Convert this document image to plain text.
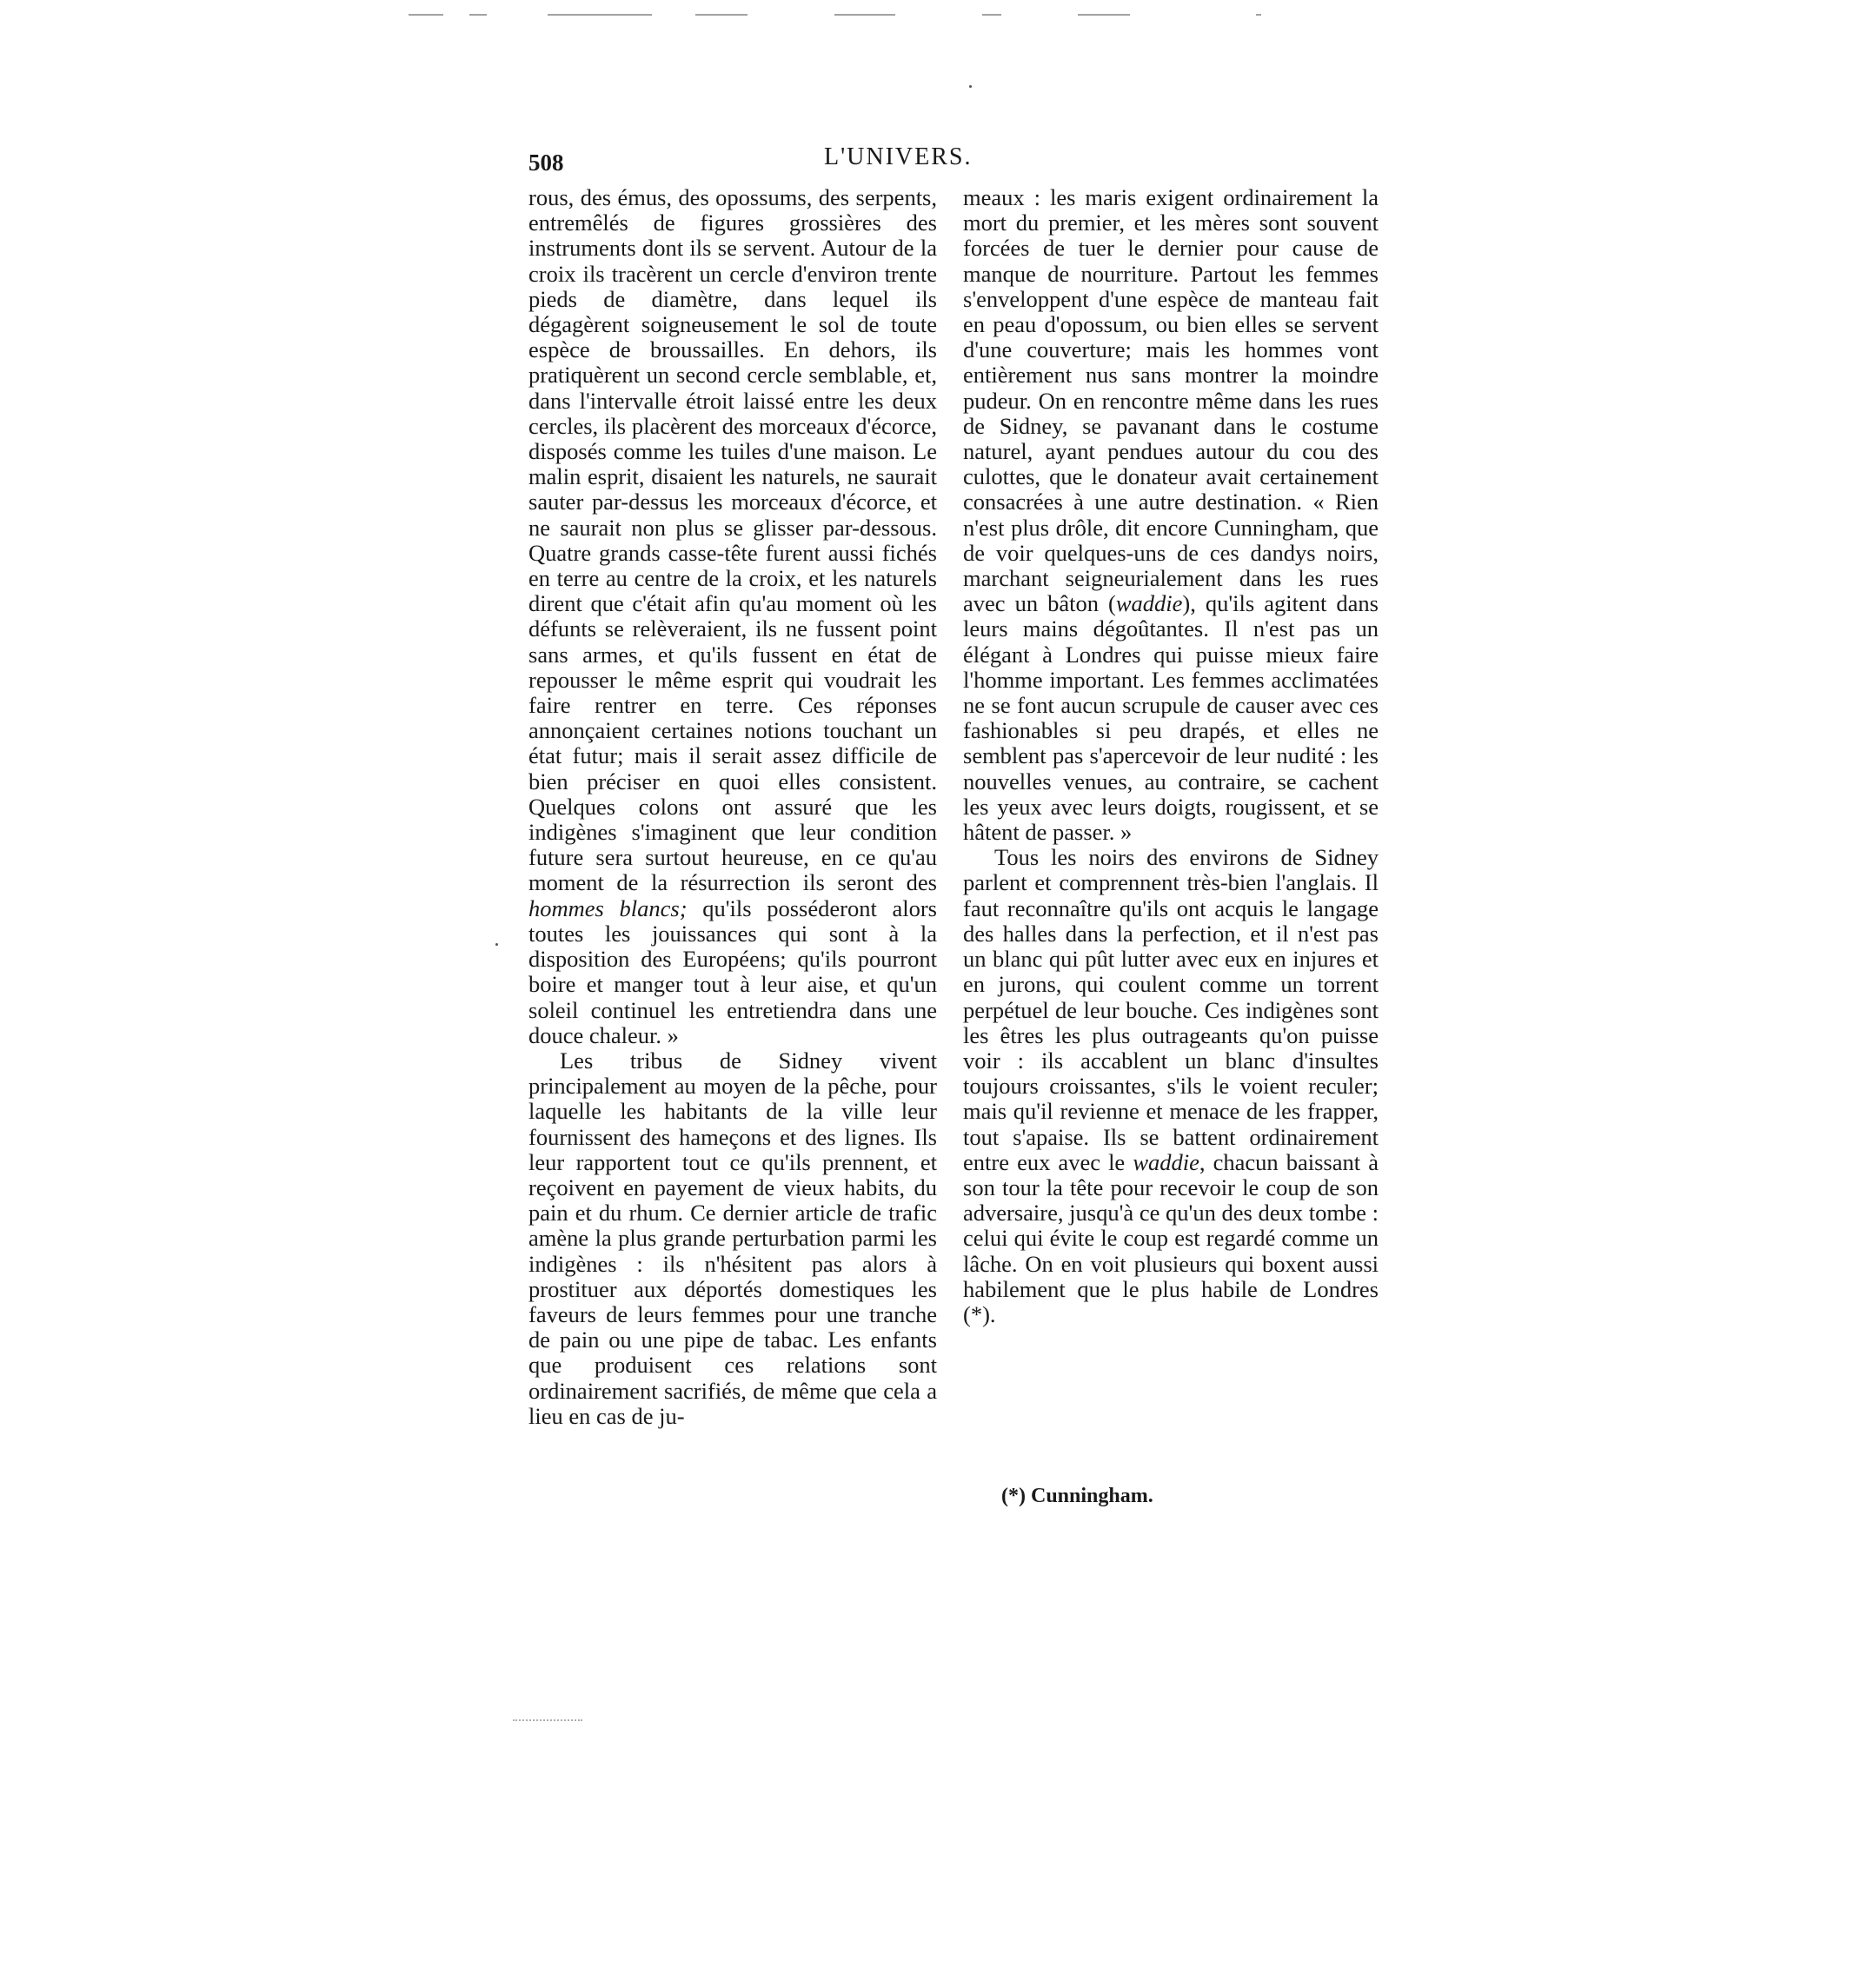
508	L'UNIVERS.

rous, des émus, des opossums, des serpents, entremêlés de figures grossières des instruments dont ils se servent. Autour de la croix ils tracèrent un cercle d'environ trente pieds de diamètre, dans lequel ils dégagèrent soigneusement le sol de toute espèce de broussailles. En dehors, ils pratiquèrent un second cercle semblable, et, dans l'intervalle étroit laissé entre les deux cercles, ils placèrent des morceaux d'écorce, disposés comme les tuiles d'une maison. Le malin esprit, disaient les naturels, ne saurait sauter par-dessus les morceaux d'écorce, et ne saurait non plus se glisser par-dessous. Quatre grands casse-tête furent aussi fichés en terre au centre de la croix, et les naturels dirent que c'était afin qu'au moment où les défunts se relèveraient, ils ne fussent point sans armes, et qu'ils fussent en état de repousser le même esprit qui voudrait les faire rentrer en terre. Ces réponses annonçaient certaines notions touchant un état futur; mais il serait assez difficile de bien préciser en quoi elles consistent. Quelques colons ont assuré que les indigènes s'imaginent que leur condition future sera surtout heureuse, en ce qu'au moment de la résurrection ils seront des hommes blancs; qu'ils posséderont alors toutes les jouissances qui sont à la disposition des Européens; qu'ils pourront boire et manger tout à leur aise, et qu'un soleil continuel les entretiendra dans une douce chaleur. »

Les tribus de Sidney vivent principalement au moyen de la pêche, pour laquelle les habitants de la ville leur fournissent des hameçons et des lignes. Ils leur rapportent tout ce qu'ils prennent, et reçoivent en payement de vieux habits, du pain et du rhum. Ce dernier article de trafic amène la plus grande perturbation parmi les indigènes : ils n'hésitent pas alors à prostituer aux déportés domestiques les faveurs de leurs femmes pour une tranche de pain ou une pipe de tabac. Les enfants que produisent ces relations sont ordinairement sacrifiés, de même que cela a lieu en cas de ju-

meaux : les maris exigent ordinairement la mort du premier, et les mères sont souvent forcées de tuer le dernier pour cause de manque de nourriture. Partout les femmes s'enveloppent d'une espèce de manteau fait en peau d'opossum, ou bien elles se servent d'une couverture; mais les hommes vont entièrement nus sans montrer la moindre pudeur. On en rencontre même dans les rues de Sidney, se pavanant dans le costume naturel, ayant pendues autour du cou des culottes, que le donateur avait certainement consacrées à une autre destination. « Rien n'est plus drôle, dit encore Cunningham, que de voir quelques-uns de ces dandys noirs, marchant seigneurialement dans les rues avec un bâton (waddie), qu'ils agitent dans leurs mains dégoûtantes. Il n'est pas un élégant à Londres qui puisse mieux faire l'homme important. Les femmes acclimatées ne se font aucun scrupule de causer avec ces fashionables si peu drapés, et elles ne semblent pas s'apercevoir de leur nudité : les nouvelles venues, au contraire, se cachent les yeux avec leurs doigts, rougissent, et se hâtent de passer. »

Tous les noirs des environs de Sidney parlent et comprennent très-bien l'anglais. Il faut reconnaître qu'ils ont acquis le langage des halles dans la perfection, et il n'est pas un blanc qui pût lutter avec eux en injures et en jurons, qui coulent comme un torrent perpétuel de leur bouche. Ces indigènes sont les êtres les plus outrageants qu'on puisse voir : ils accablent un blanc d'insultes toujours croissantes, s'ils le voient reculer; mais qu'il revienne et menace de les frapper, tout s'apaise. Ils se battent ordinairement entre eux avec le waddie, chacun baissant à son tour la tête pour recevoir le coup de son adversaire, jusqu'à ce qu'un des deux tombe : celui qui évite le coup est regardé comme un lâche. On en voit plusieurs qui boxent aussi habilement que le plus habile de Londres (*).

(*) Cunningham.
